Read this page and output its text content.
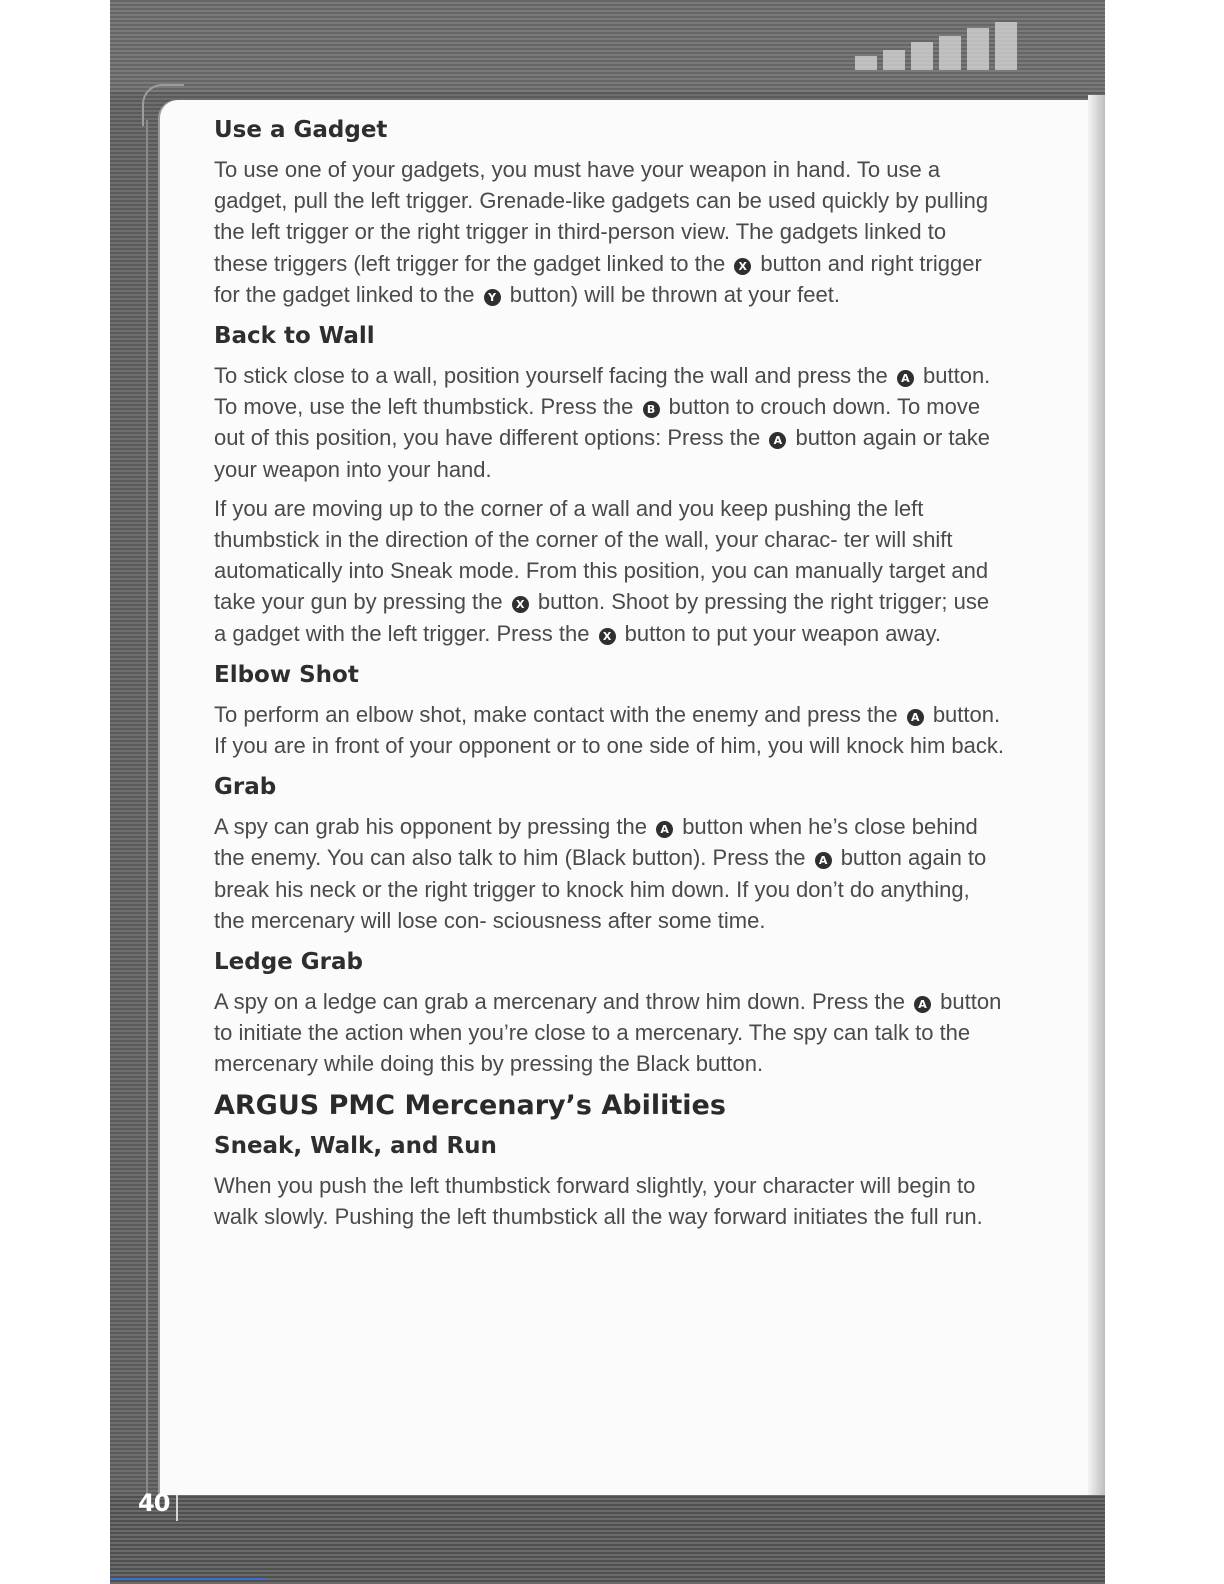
Use a Gadget

To use one of your gadgets, you must have your weapon in hand. To use a gadget, pull the left trigger. Grenade-like gadgets can be used quickly by pulling the left trigger or the right trigger in third-person view. The gadgets linked to these triggers (left trigger for the gadget linked to the X button and right trigger for the gadget linked to the Y button) will be thrown at your feet.

Back to Wall

To stick close to a wall, position yourself facing the wall and press the A button. To move, use the left thumbstick. Press the B button to crouch down. To move out of this position, you have different options: Press the A button again or take your weapon into your hand.

If you are moving up to the corner of a wall and you keep pushing the left thumbstick in the direction of the corner of the wall, your charac- ter will shift automatically into Sneak mode. From this position, you can manually target and take your gun by pressing the X button. Shoot by pressing the right trigger; use a gadget with the left trigger. Press the X button to put your weapon away.

Elbow Shot

To perform an elbow shot, make contact with the enemy and press the A button. If you are in front of your opponent or to one side of him, you will knock him back.

Grab

A spy can grab his opponent by pressing the A button when he’s close behind the enemy. You can also talk to him (Black button). Press the A button again to break his neck or the right trigger to knock him down. If you don’t do anything, the mercenary will lose con- sciousness after some time.

Ledge Grab

A spy on a ledge can grab a mercenary and throw him down. Press the A button to initiate the action when you’re close to a mercenary. The spy can talk to the mercenary while doing this by pressing the Black button.

ARGUS PMC Mercenary’s Abilities
Sneak, Walk, and Run

When you push the left thumbstick forward slightly, your character will begin to walk slowly. Pushing the left thumbstick all the way forward initiates the full run.

40
